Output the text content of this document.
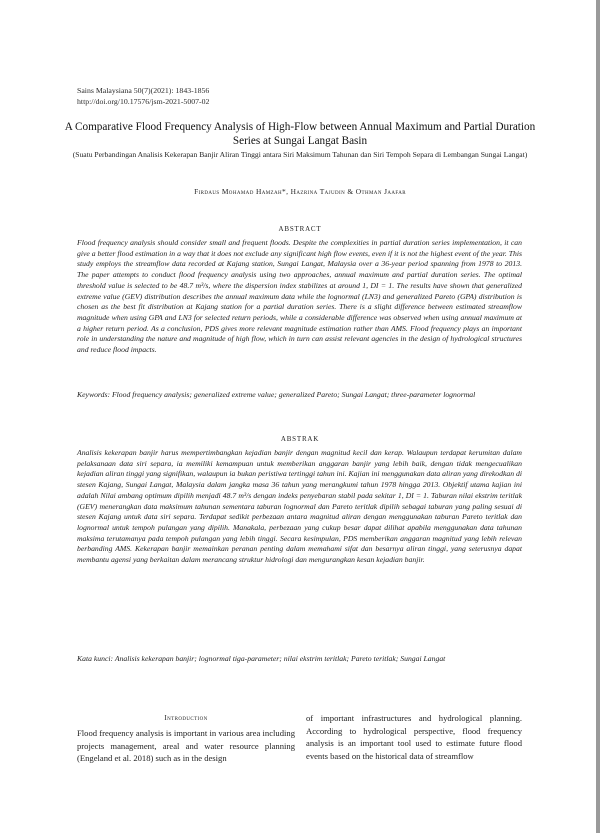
Sains Malaysiana 50(7)(2021): 1843-1856
http://doi.org/10.17576/jsm-2021-5007-02
A Comparative Flood Frequency Analysis of High-Flow between Annual Maximum and Partial Duration Series at Sungai Langat Basin
(Suatu Perbandingan Analisis Kekerapan Banjir Aliran Tinggi antara Siri Maksimum Tahunan dan Siri Tempoh Separa di Lembangan Sungai Langat)
Firdaus Mohamad Hamzah*, Hazrina Tajudin & Othman Jaafar
ABSTRACT
Flood frequency analysis should consider small and frequent floods. Despite the complexities in partial duration series implementation, it can give a better flood estimation in a way that it does not exclude any significant high flow events, even if it is not the highest event of the year. This study employs the streamflow data recorded at Kajang station, Sungai Langat, Malaysia over a 36-year period spanning from 1978 to 2013. The paper attempts to conduct flood frequency analysis using two approaches, annual maximum and partial duration series. The optimal threshold value is selected to be 48.7 m³/s, where the dispersion index stabilizes at around 1, DI = 1. The results have shown that generalized extreme value (GEV) distribution describes the annual maximum data while the lognormal (LN3) and generalized Pareto (GPA) distribution is chosen as the best fit distribution at Kajang station for a partial duration series. There is a slight difference between estimated streamflow magnitude when using GPA and LN3 for selected return periods, while a considerable difference was observed when using annual maximum at a higher return period. As a conclusion, PDS gives more relevant magnitude estimation rather than AMS. Flood frequency plays an important role in understanding the nature and magnitude of high flow, which in turn can assist relevant agencies in the design of hydrological structures and reduce flood impacts.
Keywords: Flood frequency analysis; generalized extreme value; generalized Pareto; Sungai Langat; three-parameter lognormal
ABSTRAK
Analisis kekerapan banjir harus mempertimbangkan kejadian banjir dengan magnitud kecil dan kerap. Walaupun terdapat kerumitan dalam pelaksanaan data siri separa, ia memiliki kemampuan untuk memberikan anggaran banjir yang lebih baik, dengan tidak mengecualikan kejadian aliran tinggi yang signifikan, walaupun ia bukan peristiwa tertinggi tahun ini. Kajian ini menggunakan data aliran yang direkodkan di stesen Kajang, Sungai Langat, Malaysia dalam jangka masa 36 tahun yang merangkumi tahun 1978 hingga 2013. Objektif utama kajian ini adalah Nilai ambang optimum dipilih menjadi 48.7 m³/s dengan indeks penyebaran stabil pada sekitar 1, DI = 1. Taburan nilai ekstrim teritlak (GEV) menerangkan data maksimum tahunan sementara taburan lognormal dan Pareto teritlak dipilih sebagai taburan yang paling sesuai di stesen Kajang untuk data siri separa. Terdapat sedikit perbezaan antara magnitud aliran dengan menggunakan taburan Pareto teritlak dan lognormal untuk tempoh pulangan yang dipilih. Manakala, perbezaan yang cukup besar dapat dilihat apabila menggunakan data tahunan maksima terutamanya pada tempoh pulangan yang lebih tinggi. Secara kesimpulan, PDS memberikan anggaran magnitud yang lebih relevan berbanding AMS. Kekerapan banjir memainkan peranan penting dalam memahami sifat dan besarnya aliran tinggi, yang seterusnya dapat membantu agensi yang berkaitan dalam merancang struktur hidrologi dan mengurangkan kesan kejadian banjir.
Kata kunci: Analisis kekerapan banjir; lognormal tiga-parameter; nilai ekstrim teritlak; Pareto teritlak; Sungai Langat
Introduction
Flood frequency analysis is important in various area including projects management, areal and water resource planning (Engeland et al. 2018) such as in the design
of important infrastructures and hydrological planning. According to hydrological perspective, flood frequency analysis is an important tool used to estimate future flood events based on the historical data of streamflow
